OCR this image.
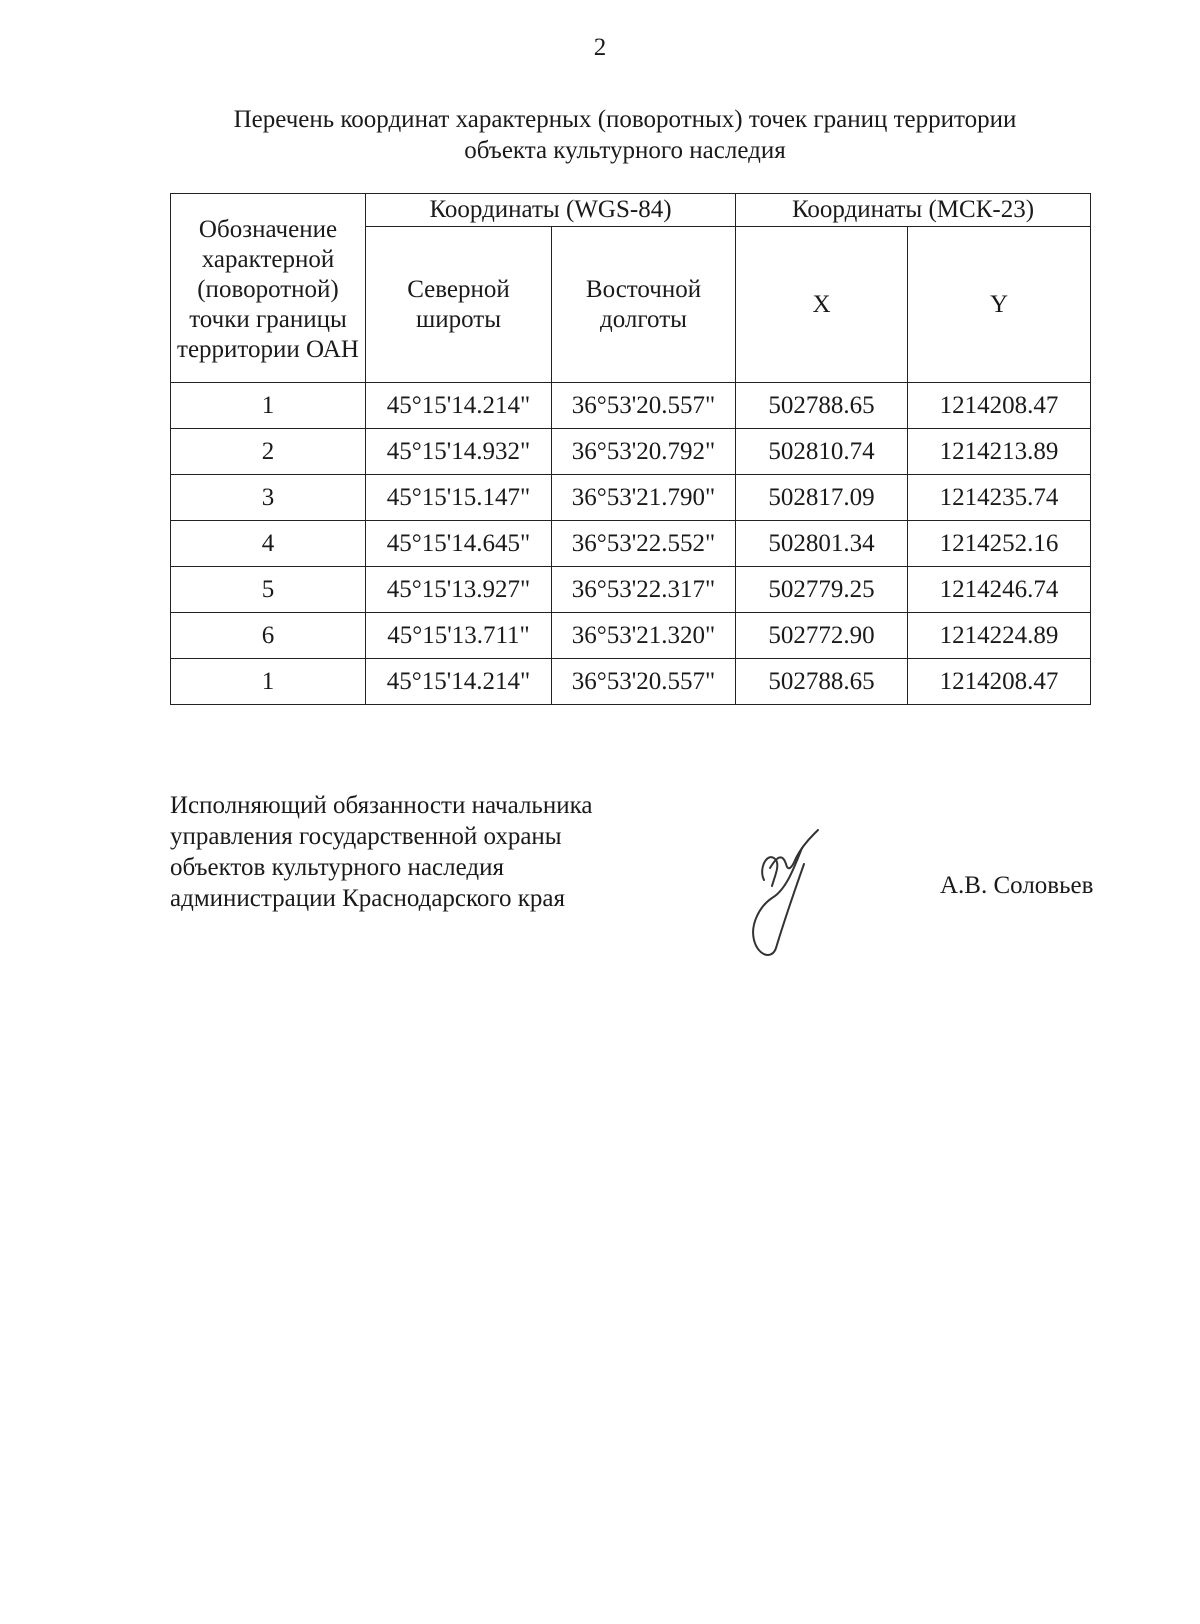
2
Перечень координат характерных (поворотных) точек границ территории
объекта культурного наследия
Обозначение характерной (поворотной) точки границы территории ОАН	Координаты (WGS-84)		Координаты (МСК-23)	
	Северной широты	Восточной долготы	X	Y
1	45°15'14.214"	36°53'20.557"	502788.65	1214208.47
2	45°15'14.932"	36°53'20.792"	502810.74	1214213.89
3	45°15'15.147"	36°53'21.790"	502817.09	1214235.74
4	45°15'14.645"	36°53'22.552"	502801.34	1214252.16
5	45°15'13.927"	36°53'22.317"	502779.25	1214246.74
6	45°15'13.711"	36°53'21.320"	502772.90	1214224.89
1	45°15'14.214"	36°53'20.557"	502788.65	1214208.47
Исполняющий обязанности начальника
управления государственной охраны
объектов культурного наследия
администрации Краснодарского края	А.В. Соловьев
